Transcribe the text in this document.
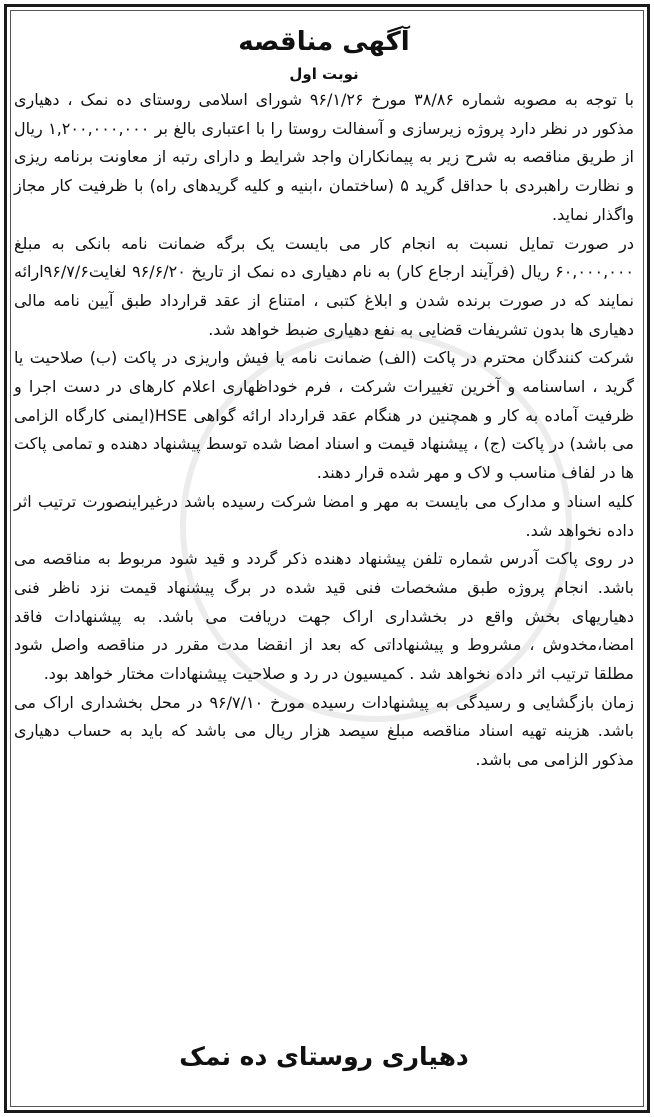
آگهی مناقصه
نوبت اول

با توجه به مصوبه شماره ۳۸/۸۶ مورخ ۹۶/۱/۲۶ شورای اسلامی روستای ده نمک ، دهیاری مذکور در نظر دارد پروژه زیرسازی و آسفالت روستا را با اعتباری بالغ بر ۱,۲۰۰,۰۰۰,۰۰۰ ریال از طریق مناقصه به شرح زیر به پیمانکاران واجد شرایط و دارای رتبه از معاونت برنامه ریزی و نظارت راهبردی با حداقل گرید ۵ (ساختمان ،ابنیه و کلیه گریدهای راه) با ظرفیت کار مجاز واگذار نماید.

در صورت تمایل نسبت به انجام کار می بایست یک برگه ضمانت نامه بانکی به مبلغ ۶۰,۰۰۰,۰۰۰ ریال (فرآیند ارجاع کار) به نام دهیاری ده نمک از تاریخ ۹۶/۶/۲۰ لغایت۹۶/۷/۶ارائه نمایند که در صورت برنده شدن و ابلاغ کتبی ، امتناع از عقد قرارداد طبق آیین نامه مالی دهیاری ها بدون تشریفات قضایی به نفع دهیاری ضبط خواهد شد.

شرکت کنندگان محترم در پاکت (الف) ضمانت نامه یا فیش واریزی در پاکت (ب) صلاحیت یا گرید ، اساسنامه و آخرین تغییرات شرکت ، فرم خوداظهاری اعلام کارهای در دست اجرا و ظرفیت آماده به کار و همچنین در هنگام عقد قرارداد ارائه گواهی HSE(ایمنی کارگاه الزامی می باشد) در پاکت (ج) ، پیشنهاد قیمت و اسناد امضا شده توسط پیشنهاد دهنده و تمامی پاکت ها در لفاف مناسب و لاک و مهر شده قرار دهند.

کلیه اسناد و مدارک می بایست به مهر و امضا شرکت رسیده باشد درغیراینصورت ترتیب اثر داده نخواهد شد.

در روی پاکت آدرس شماره تلفن پیشنهاد دهنده ذکر گردد و قید شود مربوط به مناقصه می باشد. انجام پروژه طبق مشخصات فنی قید شده در برگ پیشنهاد قیمت نزد ناظر فنی دهیاریهای بخش واقع در بخشداری اراک جهت دریافت می باشد. به پیشنهادات فاقد امضا،مخدوش ، مشروط و پیشنهاداتی که بعد از انقضا مدت مقرر در مناقصه واصل شود مطلقا ترتیب اثر داده نخواهد شد . کمیسیون در رد و صلاحیت پیشنهادات مختار خواهد بود.

زمان بازگشایی و رسیدگی به پیشنهادات رسیده مورخ ۹۶/۷/۱۰ در محل بخشداری اراک می باشد. هزینه تهیه اسناد مناقصه مبلغ سیصد هزار ریال می باشد که باید به حساب دهیاری مذکور الزامی می باشد.

دهیاری روستای ده نمک
